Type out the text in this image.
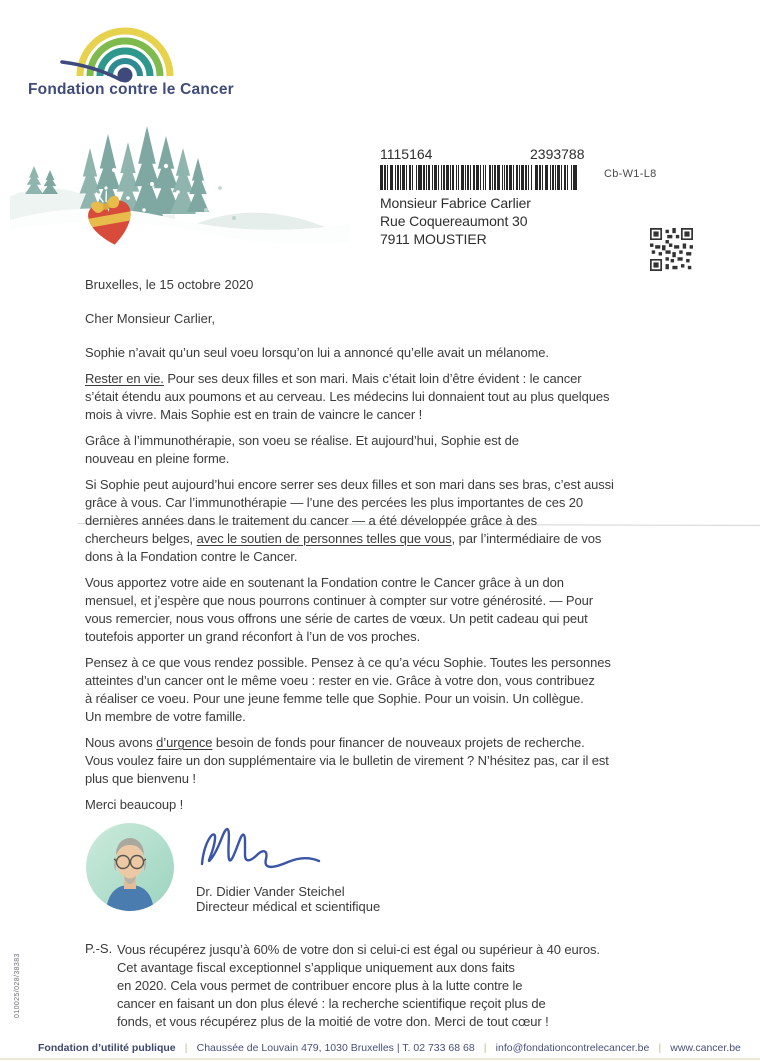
Fondation contre le Cancer
1115164	2393788
Cb-W1-L8
Monsieur Fabrice Carlier
Rue Coquereaumont 30
7911 MOUSTIER
Bruxelles, le 15 octobre 2020
Cher Monsieur Carlier,
Sophie n’avait qu’un seul voeu lorsqu’on lui a annoncé qu’elle avait un mélanome.
Rester en vie. Pour ses deux filles et son mari. Mais c’était loin d’être évident : le cancer
s’était étendu aux poumons et au cerveau. Les médecins lui donnaient tout au plus quelques
mois à vivre. Mais Sophie est en train de vaincre le cancer !
Grâce à l’immunothérapie, son voeu se réalise. Et aujourd’hui, Sophie est de
nouveau en pleine forme.
Si Sophie peut aujourd’hui encore serrer ses deux filles et son mari dans ses bras, c’est aussi
grâce à vous. Car l’immunothérapie — l’une des percées les plus importantes de ces 20
dernières années dans le traitement du cancer — a été développée grâce à des
chercheurs belges, avec le soutien de personnes telles que vous, par l’intermédiaire de vos
dons à la Fondation contre le Cancer.
Vous apportez votre aide en soutenant la Fondation contre le Cancer grâce à un don
mensuel, et j’espère que nous pourrons continuer à compter sur votre générosité. — Pour
vous remercier, nous vous offrons une série de cartes de vœux. Un petit cadeau qui peut
toutefois apporter un grand réconfort à l’un de vos proches.
Pensez à ce que vous rendez possible. Pensez à ce qu’a vécu Sophie. Toutes les personnes
atteintes d’un cancer ont le même voeu : rester en vie. Grâce à votre don, vous contribuez
à réaliser ce voeu. Pour une jeune femme telle que Sophie. Pour un voisin. Un collègue.
Un membre de votre famille.
Nous avons d’urgence besoin de fonds pour financer de nouveaux projets de recherche.
Vous voulez faire un don supplémentaire via le bulletin de virement ? N’hésitez pas, car il est
plus que bienvenu !
Merci beaucoup !
Dr. Didier Vander Steichel
Directeur médical et scientifique
P.-S. Vous récupérez jusqu’à 60% de votre don si celui-ci est égal ou supérieur à 40 euros.
Cet avantage fiscal exceptionnel s’applique uniquement aux dons faits
en 2020. Cela vous permet de contribuer encore plus à la lutte contre le
cancer en faisant un don plus élevé : la recherche scientifique reçoit plus de
fonds, et vous récupérez plus de la moitié de votre don. Merci de tout cœur !
010025/028/38383
Fondation d’utilité publique | Chaussée de Louvain 479, 1030 Bruxelles | T. 02 733 68 68 | info@fondationcontrelecancer.be | www.cancer.be
